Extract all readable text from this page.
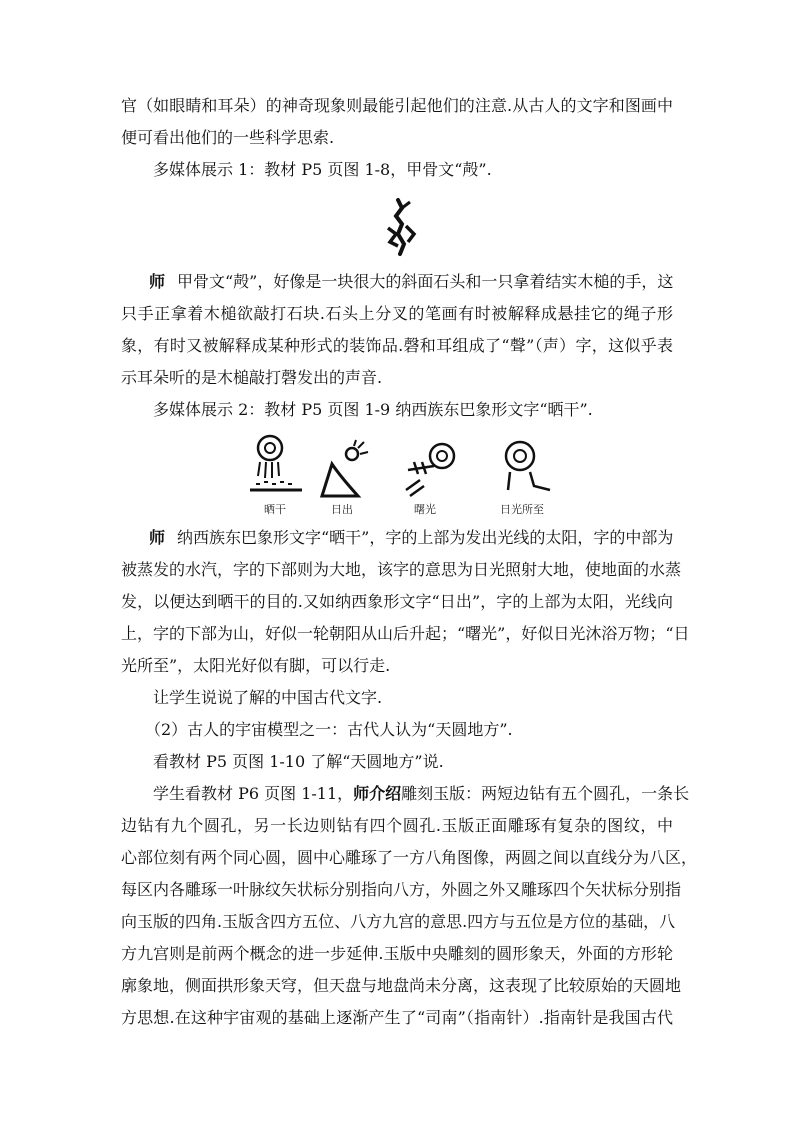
官（如眼睛和耳朵）的神奇现象则最能引起他们的注意.从古人的文字和图画中
便可看出他们的一些科学思索.
多媒体展示 1：教材 P5 页图 1-8，甲骨文“殸”.
师 甲骨文“殸”，好像是一块很大的斜面石头和一只拿着结实木槌的手，这
只手正拿着木槌欲敲打石块.石头上分叉的笔画有时被解释成悬挂它的绳子形
象，有时又被解释成某种形式的装饰品.磬和耳组成了“聲”（声）字，这似乎表
示耳朵听的是木槌敲打磬发出的声音.
多媒体展示 2：教材 P5 页图 1-9 纳西族东巴象形文字“晒干”.
晒干	日出	曙光	日光所至
师 纳西族东巴象形文字“晒干”，字的上部为发出光线的太阳，字的中部为
被蒸发的水汽，字的下部则为大地，该字的意思为日光照射大地，使地面的水蒸
发，以便达到晒干的目的.又如纳西象形文字“日出”，字的上部为太阳，光线向
上，字的下部为山，好似一轮朝阳从山后升起；“曙光”，好似日光沐浴万物；“日
光所至”，太阳光好似有脚，可以行走.
让学生说说了解的中国古代文字.
（2）古人的宇宙模型之一：古代人认为“天圆地方”.
看教材 P5 页图 1-10 了解“天圆地方”说.
学生看教材 P6 页图 1-11，师介绍雕刻玉版：两短边钻有五个圆孔，一条长
边钻有九个圆孔，另一长边则钻有四个圆孔.玉版正面雕琢有复杂的图纹，中
心部位刻有两个同心圆，圆中心雕琢了一方八角图像，两圆之间以直线分为八区，
每区内各雕琢一叶脉纹矢状标分别指向八方，外圆之外又雕琢四个矢状标分别指
向玉版的四角.玉版含四方五位、八方九宫的意思.四方与五位是方位的基础，八
方九宫则是前两个概念的进一步延伸.玉版中央雕刻的圆形象天，外面的方形轮
廓象地，侧面拱形象天穹，但天盘与地盘尚未分离，这表现了比较原始的天圆地
方思想.在这种宇宙观的基础上逐渐产生了“司南”（指南针）.指南针是我国古代
